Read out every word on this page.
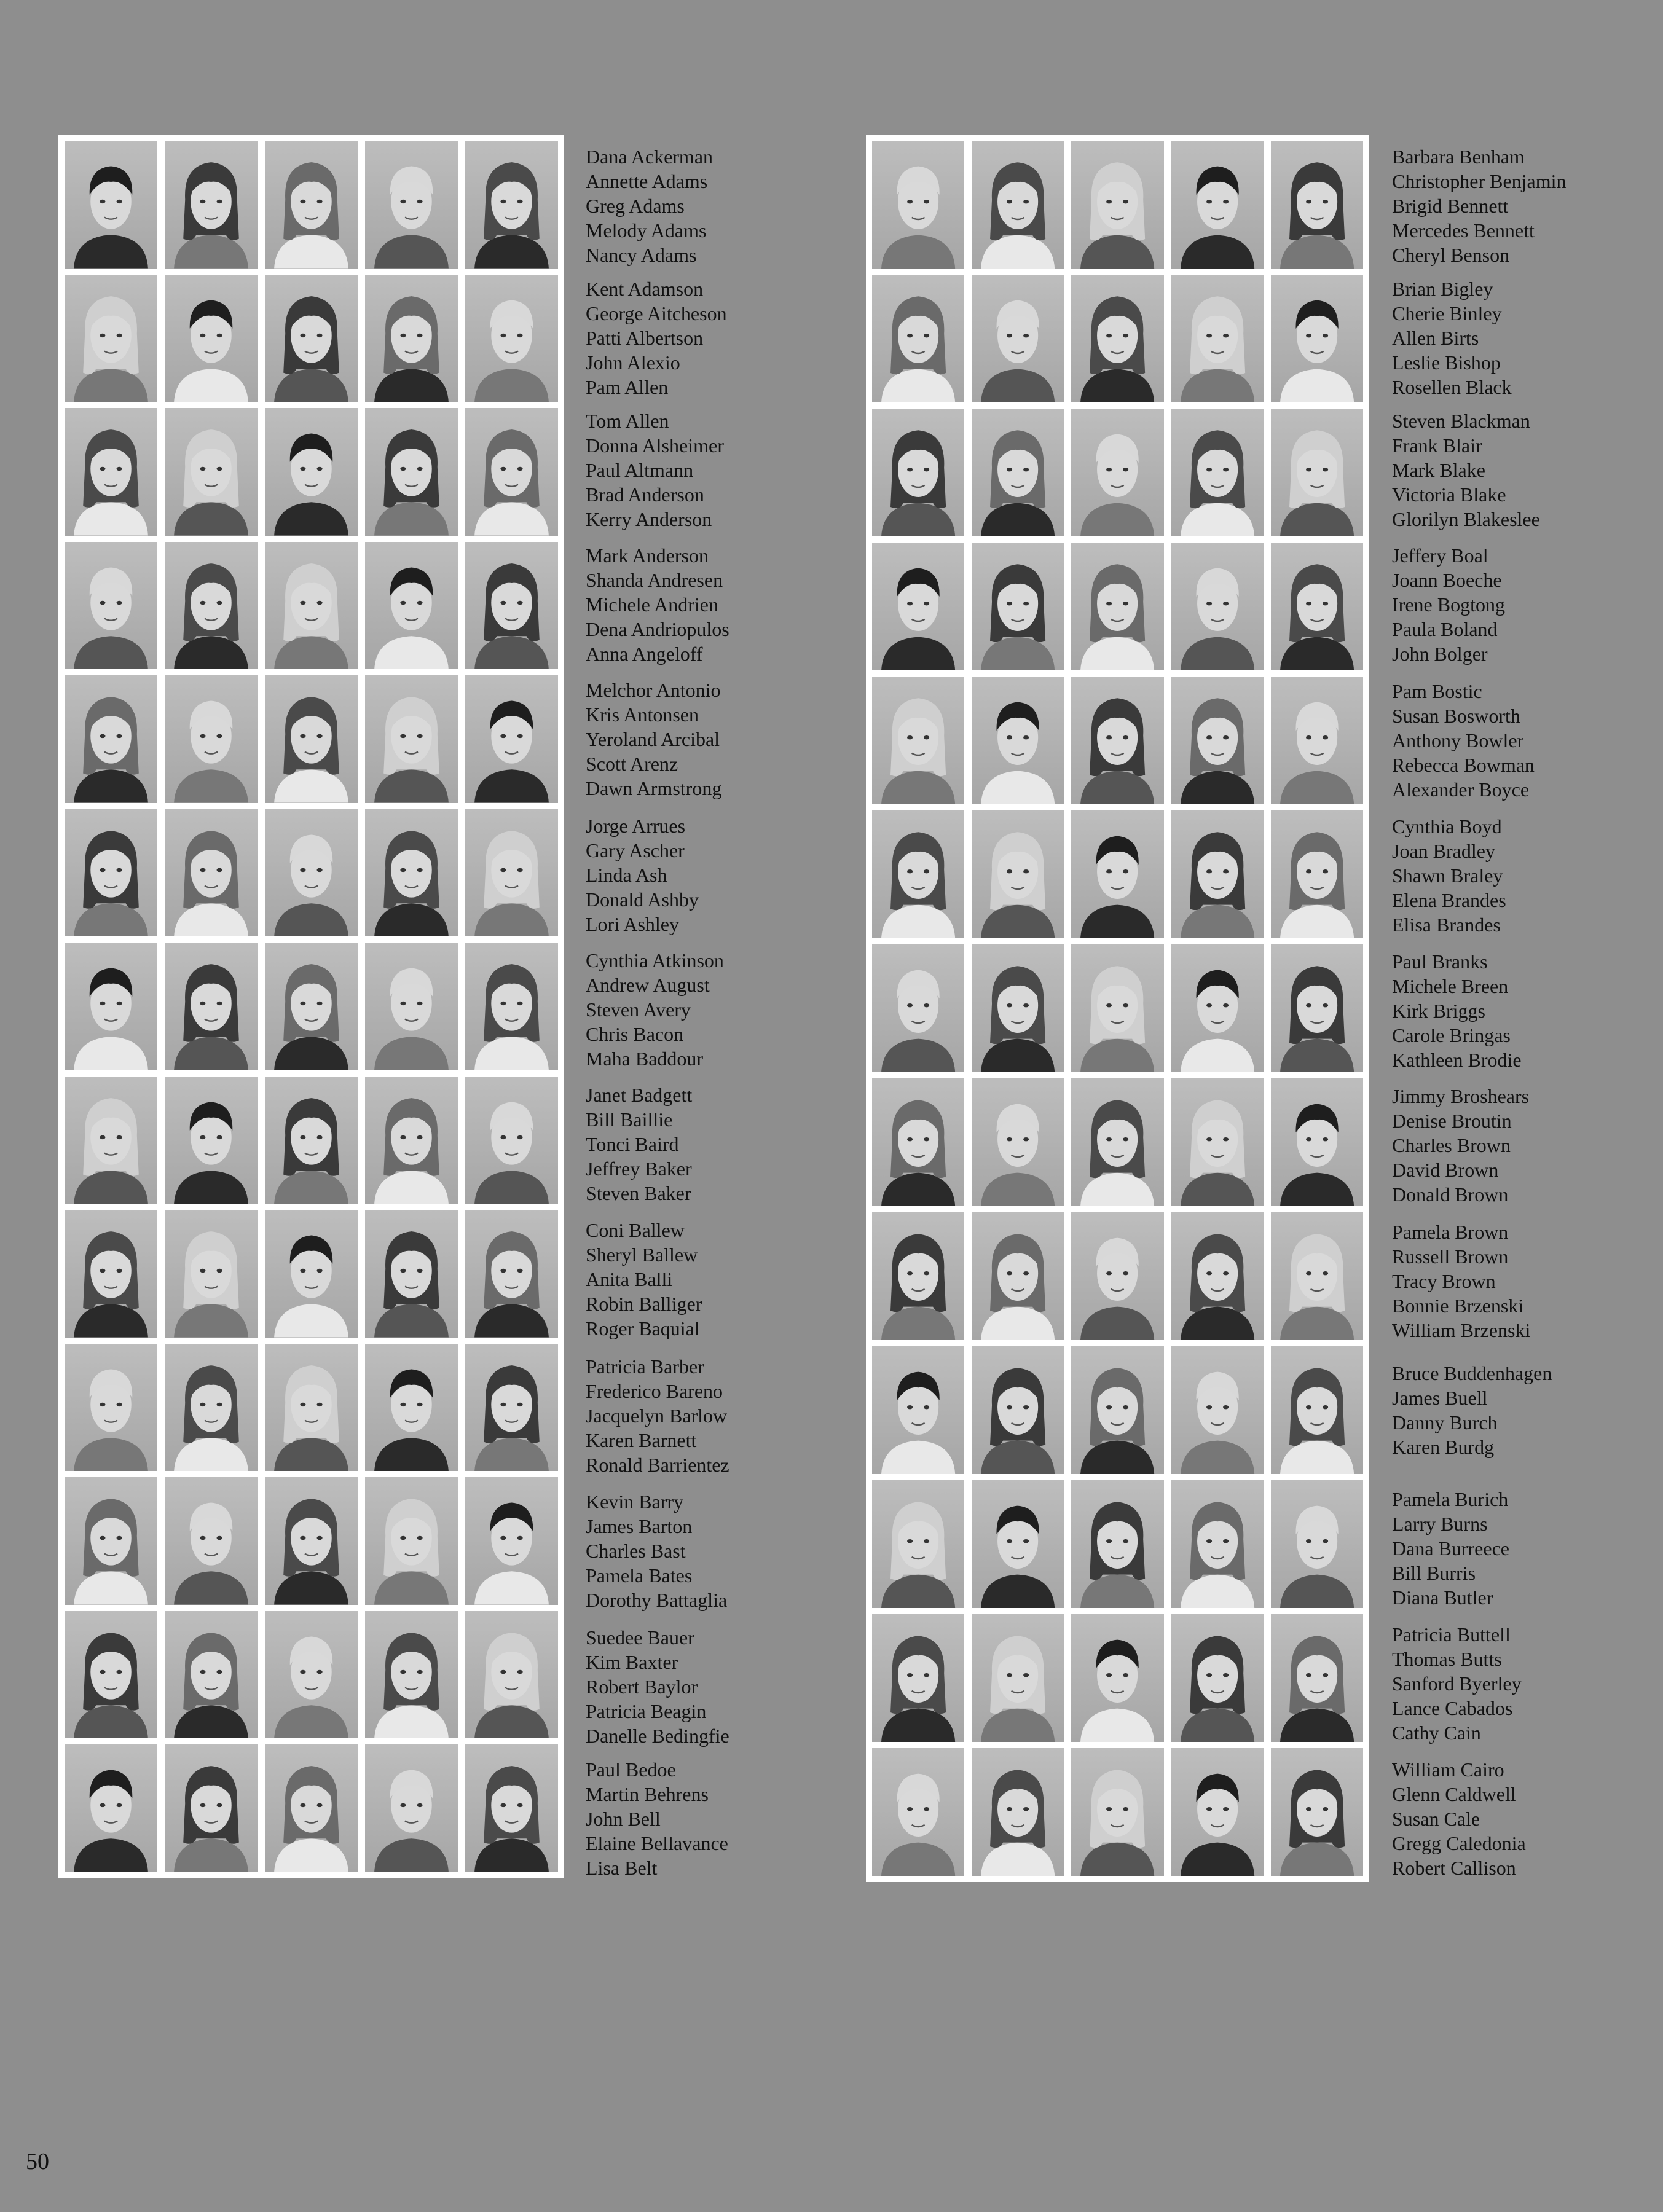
Dana Ackerman
Annette Adams
Greg Adams
Melody Adams
Nancy Adams
Kent Adamson
George Aitcheson
Patti Albertson
John Alexio
Pam Allen
Tom Allen
Donna Alsheimer
Paul Altmann
Brad Anderson
Kerry Anderson
Mark Anderson
Shanda Andresen
Michele Andrien
Dena Andriopulos
Anna Angeloff
Melchor Antonio
Kris Antonsen
Yeroland Arcibal
Scott Arenz
Dawn Armstrong
Jorge Arrues
Gary Ascher
Linda Ash
Donald Ashby
Lori Ashley
Cynthia Atkinson
Andrew August
Steven Avery
Chris Bacon
Maha Baddour
Janet Badgett
Bill Baillie
Tonci Baird
Jeffrey Baker
Steven Baker
Coni Ballew
Sheryl Ballew
Anita Balli
Robin Balliger
Roger Baquial
Patricia Barber
Frederico Bareno
Jacquelyn Barlow
Karen Barnett
Ronald Barrientez
Kevin Barry
James Barton
Charles Bast
Pamela Bates
Dorothy Battaglia
Suedee Bauer
Kim Baxter
Robert Baylor
Patricia Beagin
Danelle Bedingfie
Paul Bedoe
Martin Behrens
John Bell
Elaine Bellavance
Lisa Belt
Barbara Benham
Christopher Benjamin
Brigid Bennett
Mercedes Bennett
Cheryl Benson
Brian Bigley
Cherie Binley
Allen Birts
Leslie Bishop
Rosellen Black
Steven Blackman
Frank Blair
Mark Blake
Victoria Blake
Glorilyn Blakeslee
Jeffery Boal
Joann Boeche
Irene Bogtong
Paula Boland
John Bolger
Pam Bostic
Susan Bosworth
Anthony Bowler
Rebecca Bowman
Alexander Boyce
Cynthia Boyd
Joan Bradley
Shawn Braley
Elena Brandes
Elisa Brandes
Paul Branks
Michele Breen
Kirk Briggs
Carole Bringas
Kathleen Brodie
Jimmy Broshears
Denise Broutin
Charles Brown
David Brown
Donald Brown
Pamela Brown
Russell Brown
Tracy Brown
Bonnie Brzenski
William Brzenski
Bruce Buddenhagen
James Buell
Danny Burch
Karen Burdg
Pamela Burich
Larry Burns
Dana Burreece
Bill Burris
Diana Butler
Patricia Buttell
Thomas Butts
Sanford Byerley
Lance Cabados
Cathy Cain
William Cairo
Glenn Caldwell
Susan Cale
Gregg Caledonia
Robert Callison
50
